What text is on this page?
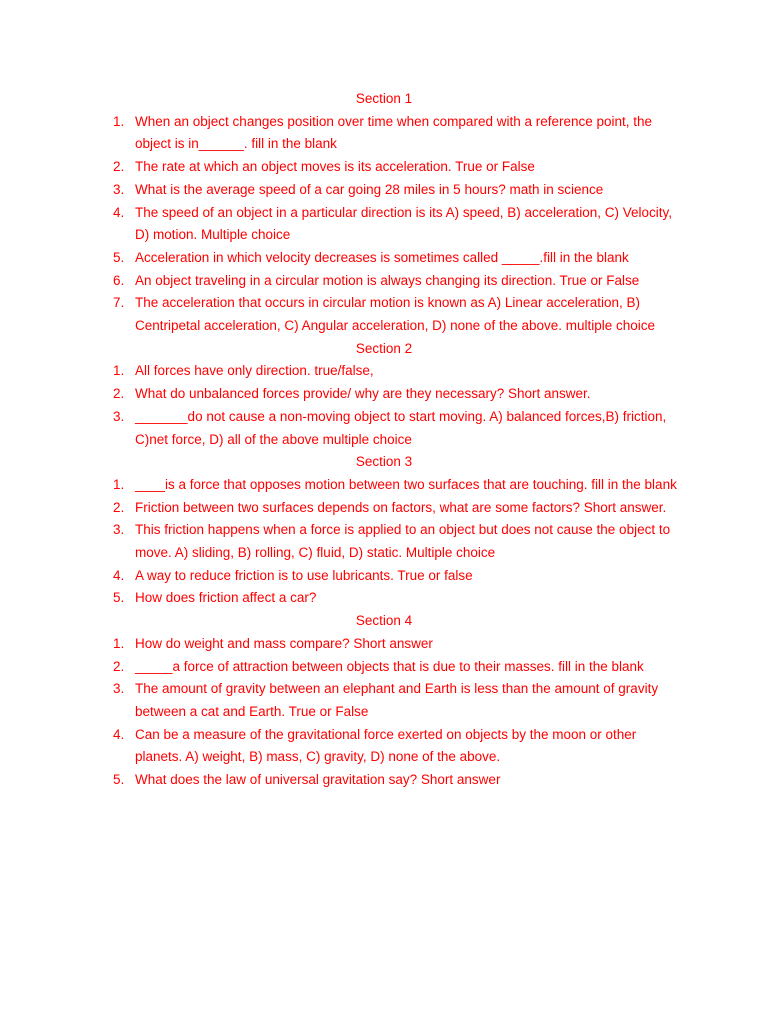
Section 1
1. When an object changes position over time when compared with a reference point, the object is in______. fill in the blank
2. The rate at which an object moves is its acceleration. True or False
3. What is the average speed of a car going 28 miles in 5 hours? math in science
4. The speed of an object in a particular direction is its A) speed, B) acceleration, C) Velocity, D) motion. Multiple choice
5. Acceleration in which velocity decreases is sometimes called _____.fill in the blank
6. An object traveling in a circular motion is always changing its direction. True or False
7. The acceleration that occurs in circular motion is known as A) Linear acceleration, B) Centripetal acceleration, C) Angular acceleration, D) none of the above. multiple choice
Section 2
1. All forces have only direction. true/false,
2. What do unbalanced forces provide/ why are they necessary? Short answer.
3. _______do not cause a non-moving object to start moving. A) balanced forces,B) friction, C)net force, D) all of the above multiple choice
Section 3
1. ____is a force that opposes motion between two surfaces that are touching. fill in the blank
2. Friction between two surfaces depends on factors, what are some factors? Short answer.
3. This friction happens when a force is applied to an object but does not cause the object to move. A) sliding, B) rolling, C) fluid, D) static. Multiple choice
4. A way to reduce friction is to use lubricants. True or false
5. How does friction affect a car?
Section 4
1. How do weight and mass compare? Short answer
2. _____a force of attraction between objects that is due to their masses. fill in the blank
3. The amount of gravity between an elephant and Earth is less than the amount of gravity between a cat and Earth. True or False
4. Can be a measure of the gravitational force exerted on objects by the moon or other planets. A) weight, B) mass, C) gravity, D) none of the above.
5. What does the law of universal gravitation say? Short answer
